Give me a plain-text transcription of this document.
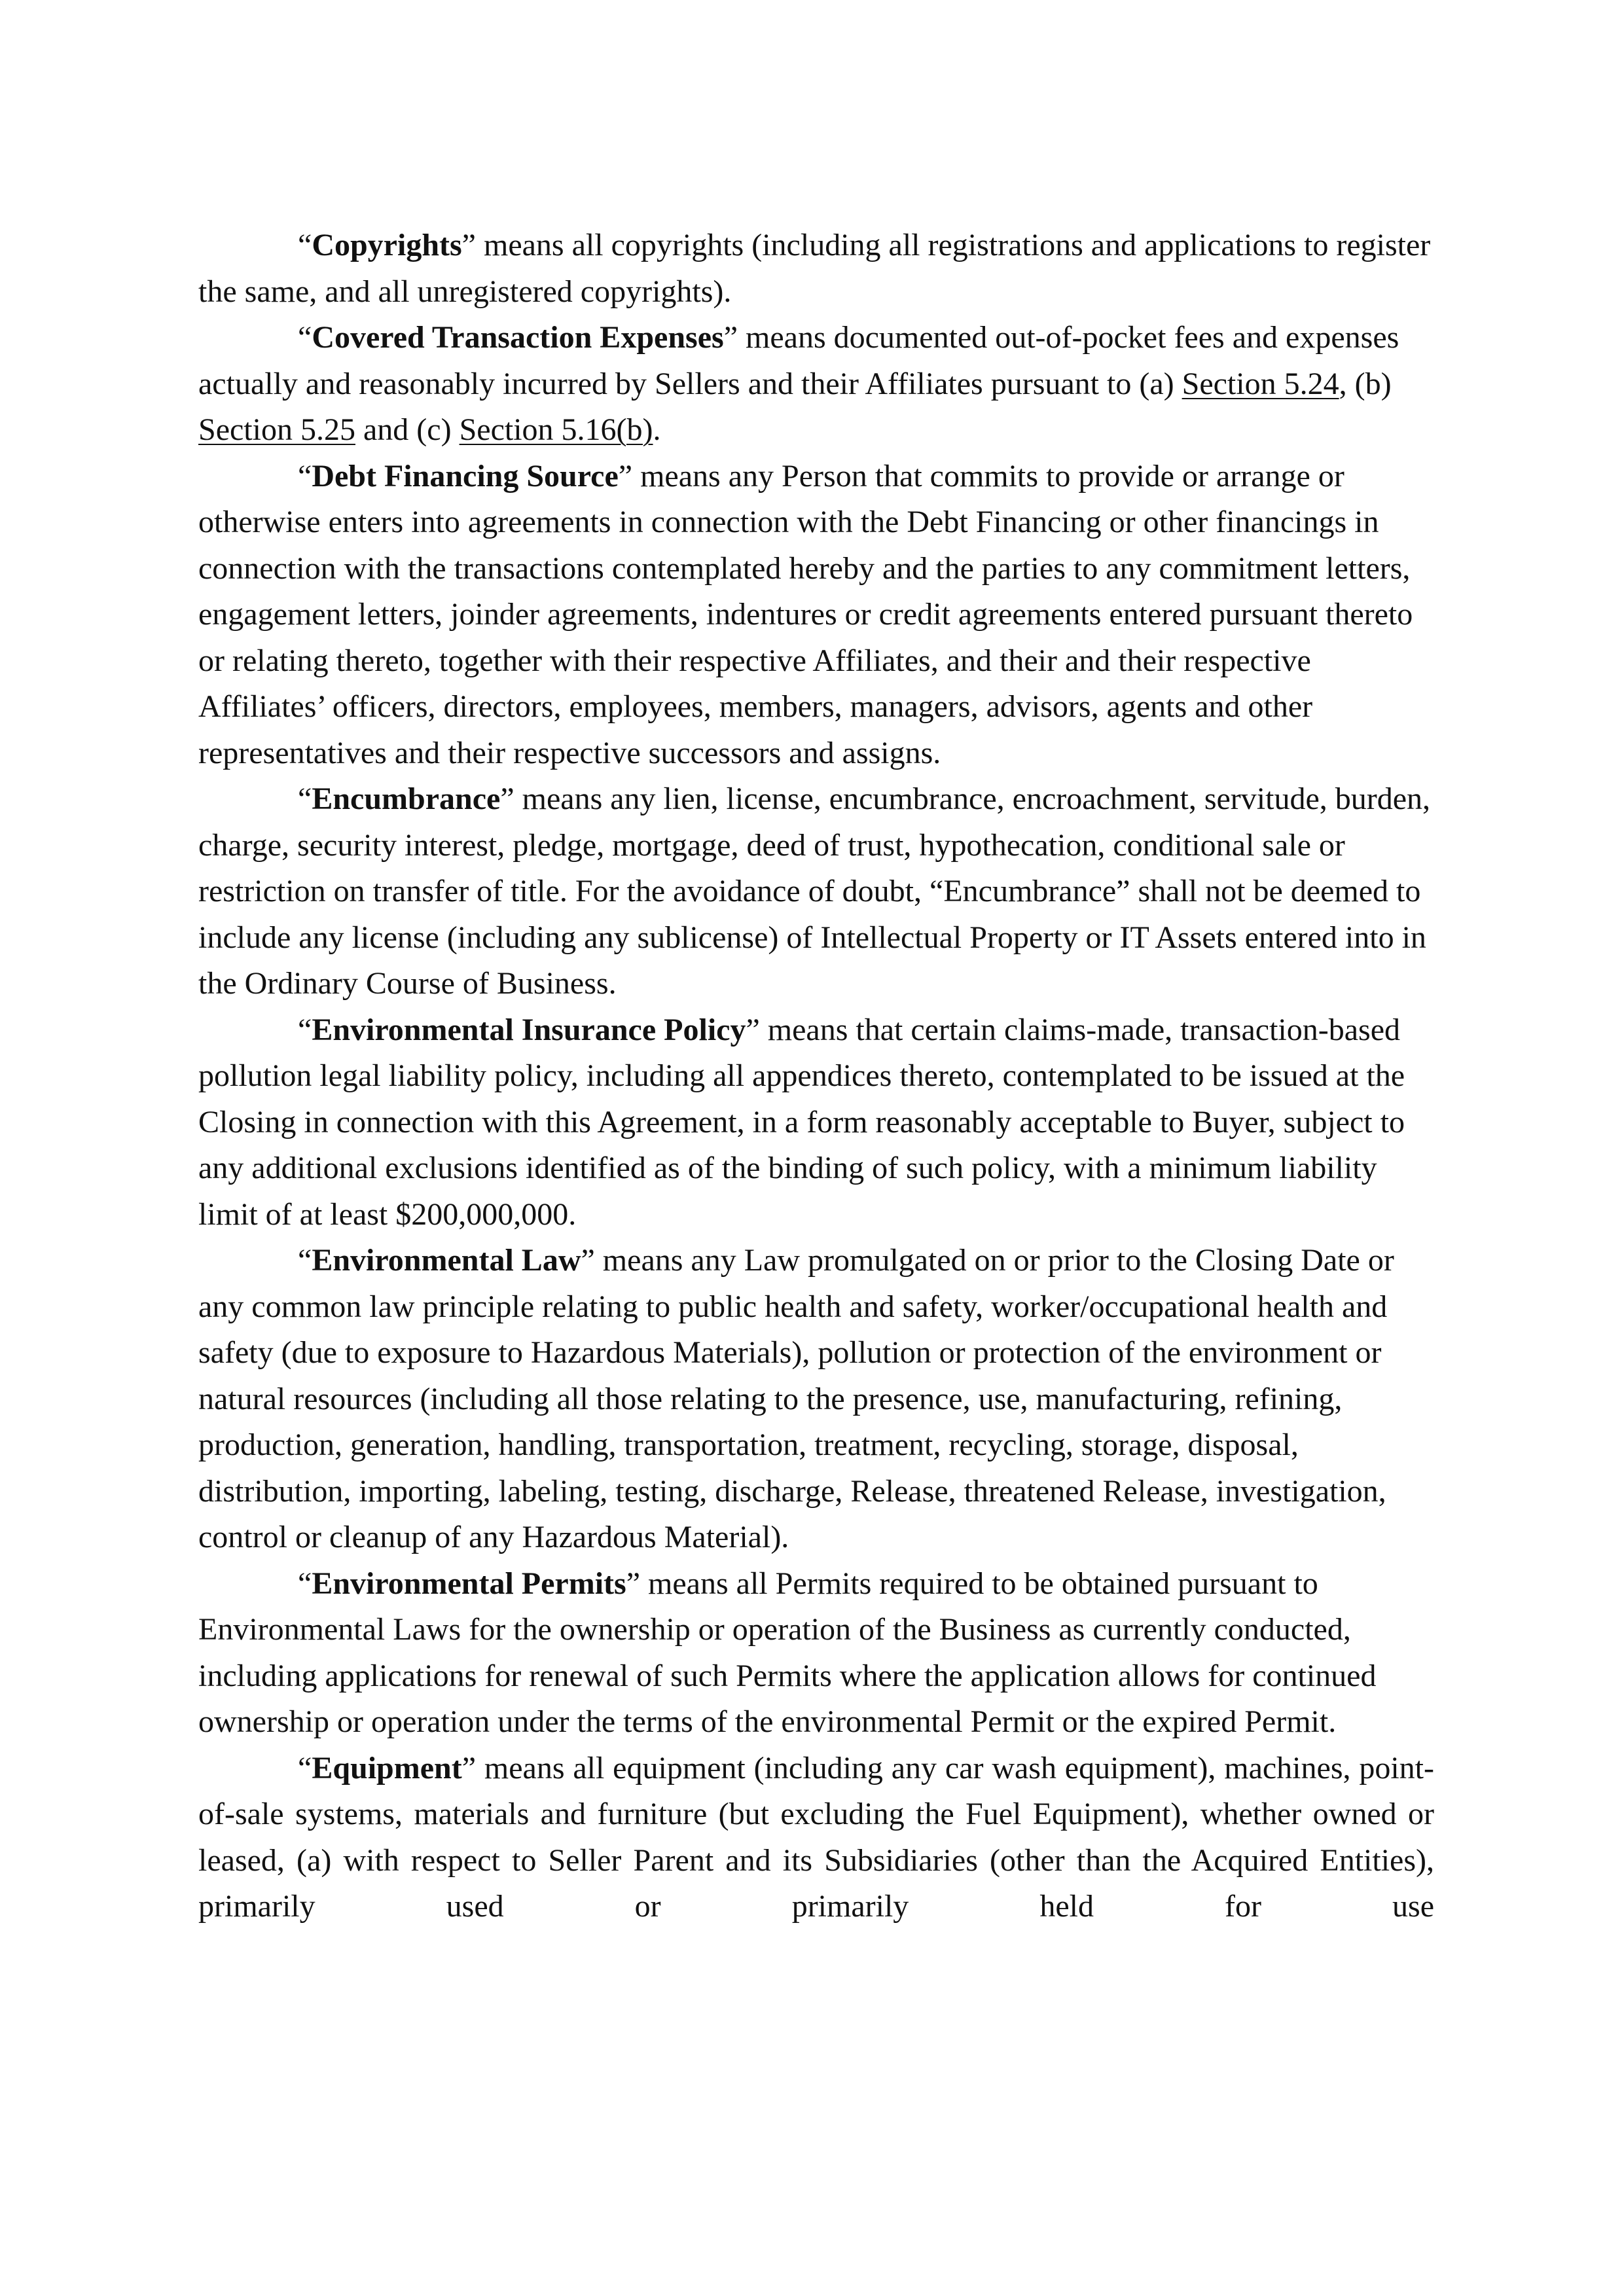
“Copyrights” means all copyrights (including all registrations and applications to register the same, and all unregistered copyrights).

“Covered Transaction Expenses” means documented out-of-pocket fees and expenses actually and reasonably incurred by Sellers and their Affiliates pursuant to (a) Section 5.24, (b) Section 5.25 and (c) Section 5.16(b).

“Debt Financing Source” means any Person that commits to provide or arrange or otherwise enters into agreements in connection with the Debt Financing or other financings in connection with the transactions contemplated hereby and the parties to any commitment letters, engagement letters, joinder agreements, indentures or credit agreements entered pursuant thereto or relating thereto, together with their respective Affiliates, and their and their respective Affiliates’ officers, directors, employees, members, managers, advisors, agents and other representatives and their respective successors and assigns.

“Encumbrance” means any lien, license, encumbrance, encroachment, servitude, burden, charge, security interest, pledge, mortgage, deed of trust, hypothecation, conditional sale or restriction on transfer of title. For the avoidance of doubt, “Encumbrance” shall not be deemed to include any license (including any sublicense) of Intellectual Property or IT Assets entered into in the Ordinary Course of Business.

“Environmental Insurance Policy” means that certain claims-made, transaction-based pollution legal liability policy, including all appendices thereto, contemplated to be issued at the Closing in connection with this Agreement, in a form reasonably acceptable to Buyer, subject to any additional exclusions identified as of the binding of such policy, with a minimum liability limit of at least $200,000,000.

“Environmental Law” means any Law promulgated on or prior to the Closing Date or any common law principle relating to public health and safety, worker/occupational health and safety (due to exposure to Hazardous Materials), pollution or protection of the environment or natural resources (including all those relating to the presence, use, manufacturing, refining, production, generation, handling, transportation, treatment, recycling, storage, disposal, distribution, importing, labeling, testing, discharge, Release, threatened Release, investigation, control or cleanup of any Hazardous Material).

“Environmental Permits” means all Permits required to be obtained pursuant to Environmental Laws for the ownership or operation of the Business as currently conducted, including applications for renewal of such Permits where the application allows for continued ownership or operation under the terms of the environmental Permit or the expired Permit.

“Equipment” means all equipment (including any car wash equipment), machines, point-of-sale systems, materials and furniture (but excluding the Fuel Equipment), whether owned or leased, (a) with respect to Seller Parent and its Subsidiaries (other than the Acquired Entities), primarily used or primarily held for use
